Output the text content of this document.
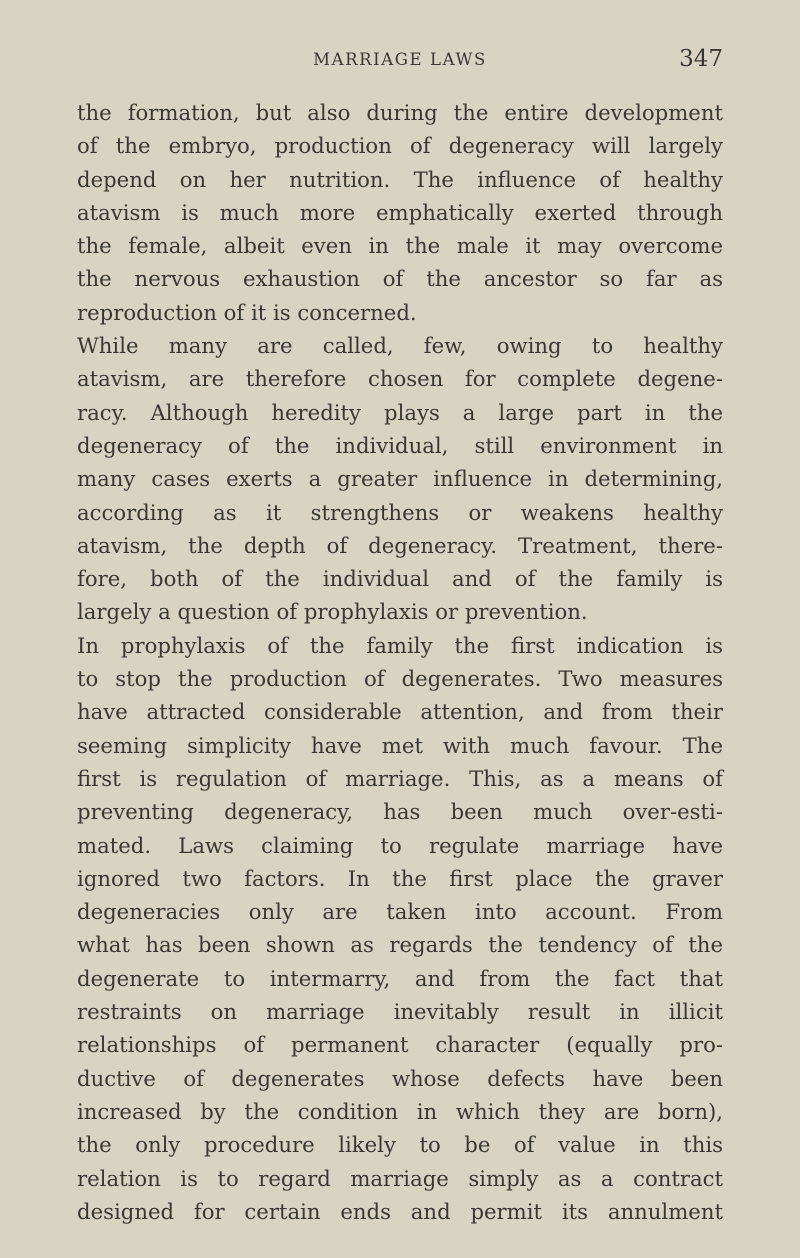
MARRIAGE LAWS	347
the formation, but also during the entire development
of the embryo, production of degeneracy will largely
depend on her nutrition. The influence of healthy
atavism is much more emphatically exerted through
the female, albeit even in the male it may overcome
the nervous exhaustion of the ancestor so far as
reproduction of it is concerned.
While many are called, few, owing to healthy
atavism, are therefore chosen for complete degene-
racy. Although heredity plays a large part in the
degeneracy of the individual, still environment in
many cases exerts a greater influence in determining,
according as it strengthens or weakens healthy
atavism, the depth of degeneracy. Treatment, there-
fore, both of the individual and of the family is
largely a question of prophylaxis or prevention.
In prophylaxis of the family the first indication is
to stop the production of degenerates. Two measures
have attracted considerable attention, and from their
seeming simplicity have met with much favour. The
first is regulation of marriage. This, as a means of
preventing degeneracy, has been much over-esti-
mated. Laws claiming to regulate marriage have
ignored two factors. In the first place the graver
degeneracies only are taken into account. From
what has been shown as regards the tendency of the
degenerate to intermarry, and from the fact that
restraints on marriage inevitably result in illicit
relationships of permanent character (equally pro-
ductive of degenerates whose defects have been
increased by the condition in which they are born),
the only procedure likely to be of value in this
relation is to regard marriage simply as a contract
designed for certain ends and permit its annulment
